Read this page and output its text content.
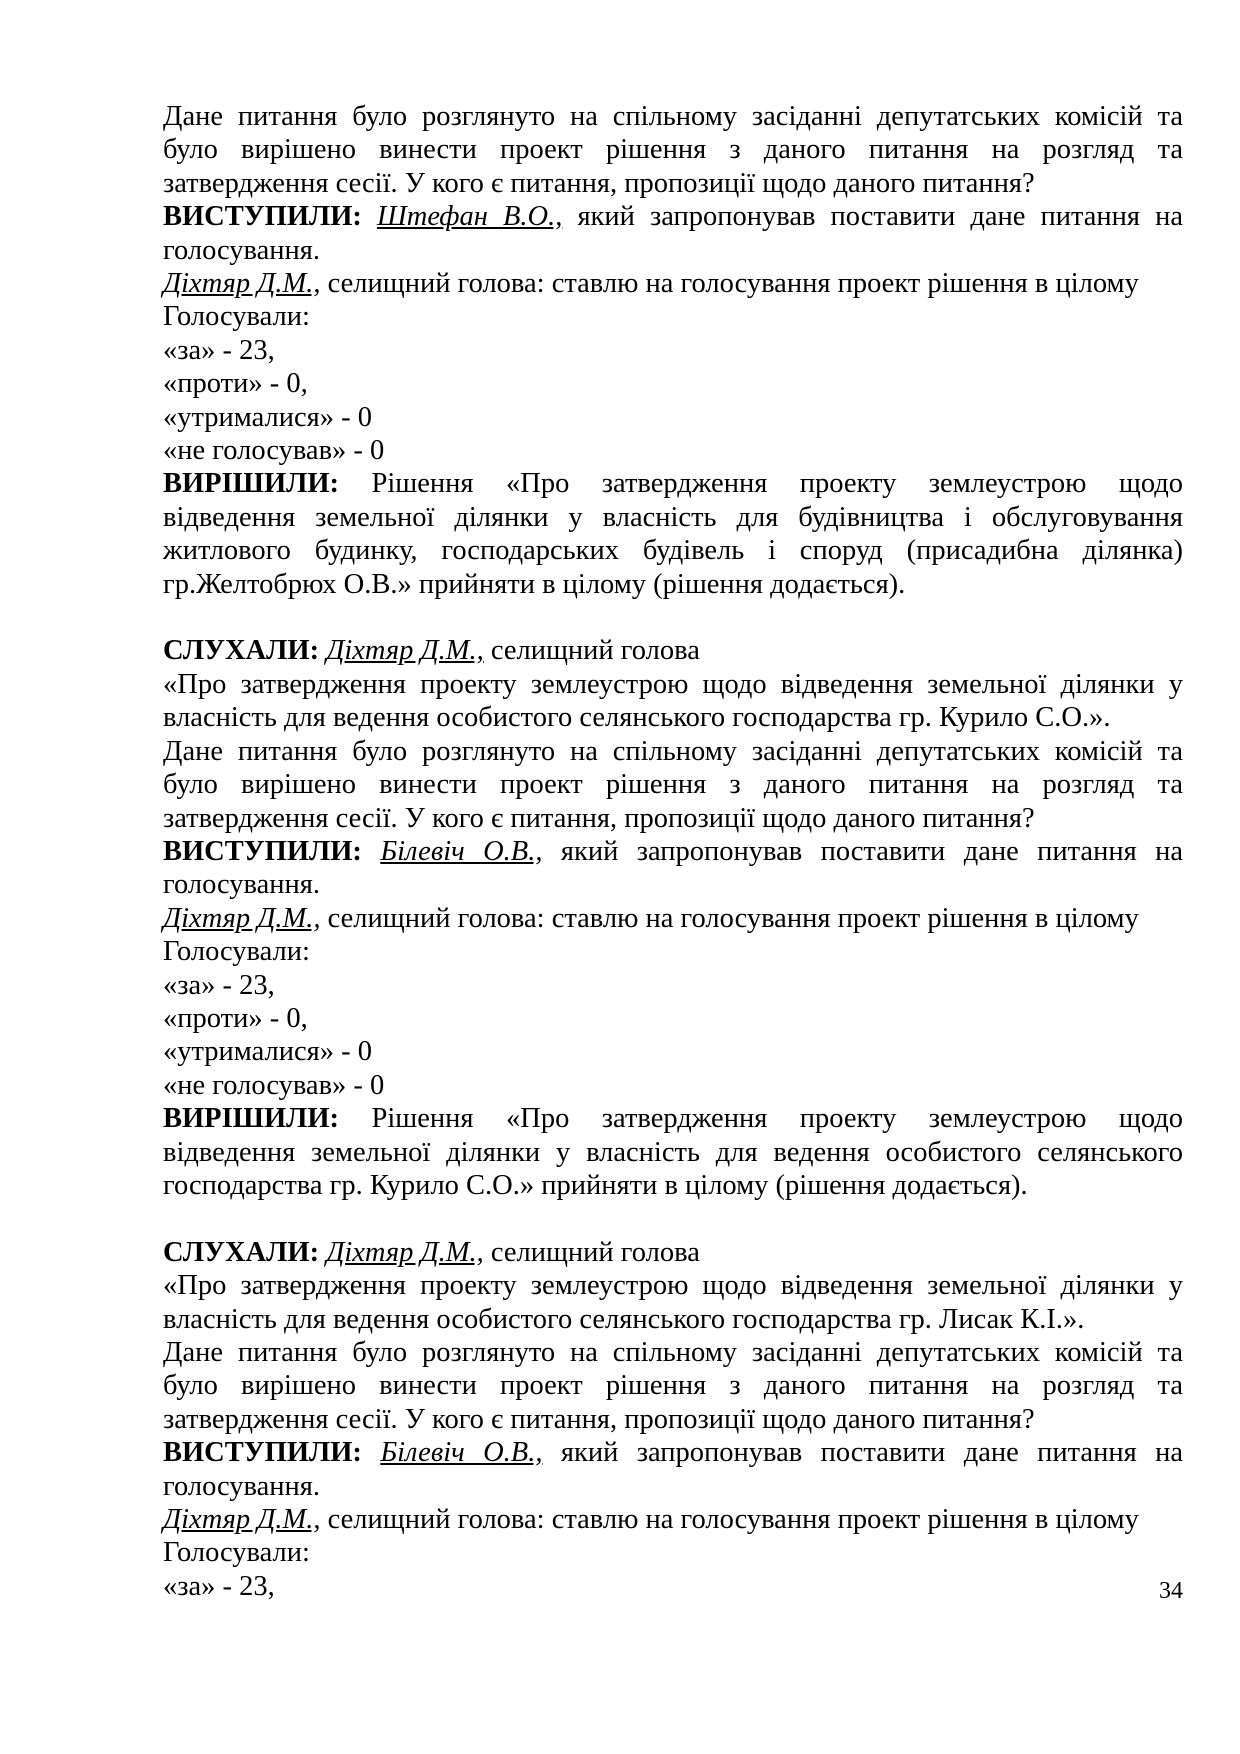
Дане питання було розглянуто на спільному засіданні депутатських комісій та

було вирішено винести проект рішення з даного питання на розгляд та

затвердження сесії. У кого є питання, пропозиції щодо даного питання?

ВИСТУПИЛИ: Штефан В.О., який запропонував поставити дане питання на

голосування.

Діхтяр Д.М., селищний голова: ставлю на голосування проект рішення в цілому

Голосували:

«за» - 23,

«проти» - 0,

«утрималися» - 0

«не голосував» - 0

ВИРІШИЛИ: Рішення «Про затвердження проекту землеустрою щодо

відведення земельної ділянки у власність для будівництва і обслуговування

житлового будинку, господарських будівель і споруд (присадибна ділянка)

гр.Желтобрюх О.В.» прийняти в цілому (рішення додається).

СЛУХАЛИ: Діхтяр Д.М., селищний голова

«Про затвердження проекту землеустрою щодо відведення земельної ділянки у

власність для ведення особистого селянського господарства гр. Курило С.О.».

Дане питання було розглянуто на спільному засіданні депутатських комісій та

було вирішено винести проект рішення з даного питання на розгляд та

затвердження сесії. У кого є питання, пропозиції щодо даного питання?

ВИСТУПИЛИ: Білевіч О.В., який запропонував поставити дане питання на

голосування.

Діхтяр Д.М., селищний голова: ставлю на голосування проект рішення в цілому

Голосували:

«за» - 23,

«проти» - 0,

«утрималися» - 0

«не голосував» - 0

ВИРІШИЛИ: Рішення «Про затвердження проекту землеустрою щодо

відведення земельної ділянки у власність для ведення особистого селянського

господарства гр. Курило С.О.» прийняти в цілому (рішення додається).

СЛУХАЛИ: Діхтяр Д.М., селищний голова

«Про затвердження проекту землеустрою щодо відведення земельної ділянки у

власність для ведення особистого селянського господарства гр. Лисак К.І.».

Дане питання було розглянуто на спільному засіданні депутатських комісій та

було вирішено винести проект рішення з даного питання на розгляд та

затвердження сесії. У кого є питання, пропозиції щодо даного питання?

ВИСТУПИЛИ: Білевіч О.В., який запропонував поставити дане питання на

голосування.

Діхтяр Д.М., селищний голова: ставлю на голосування проект рішення в цілому

Голосували:

«за» - 23,	34
